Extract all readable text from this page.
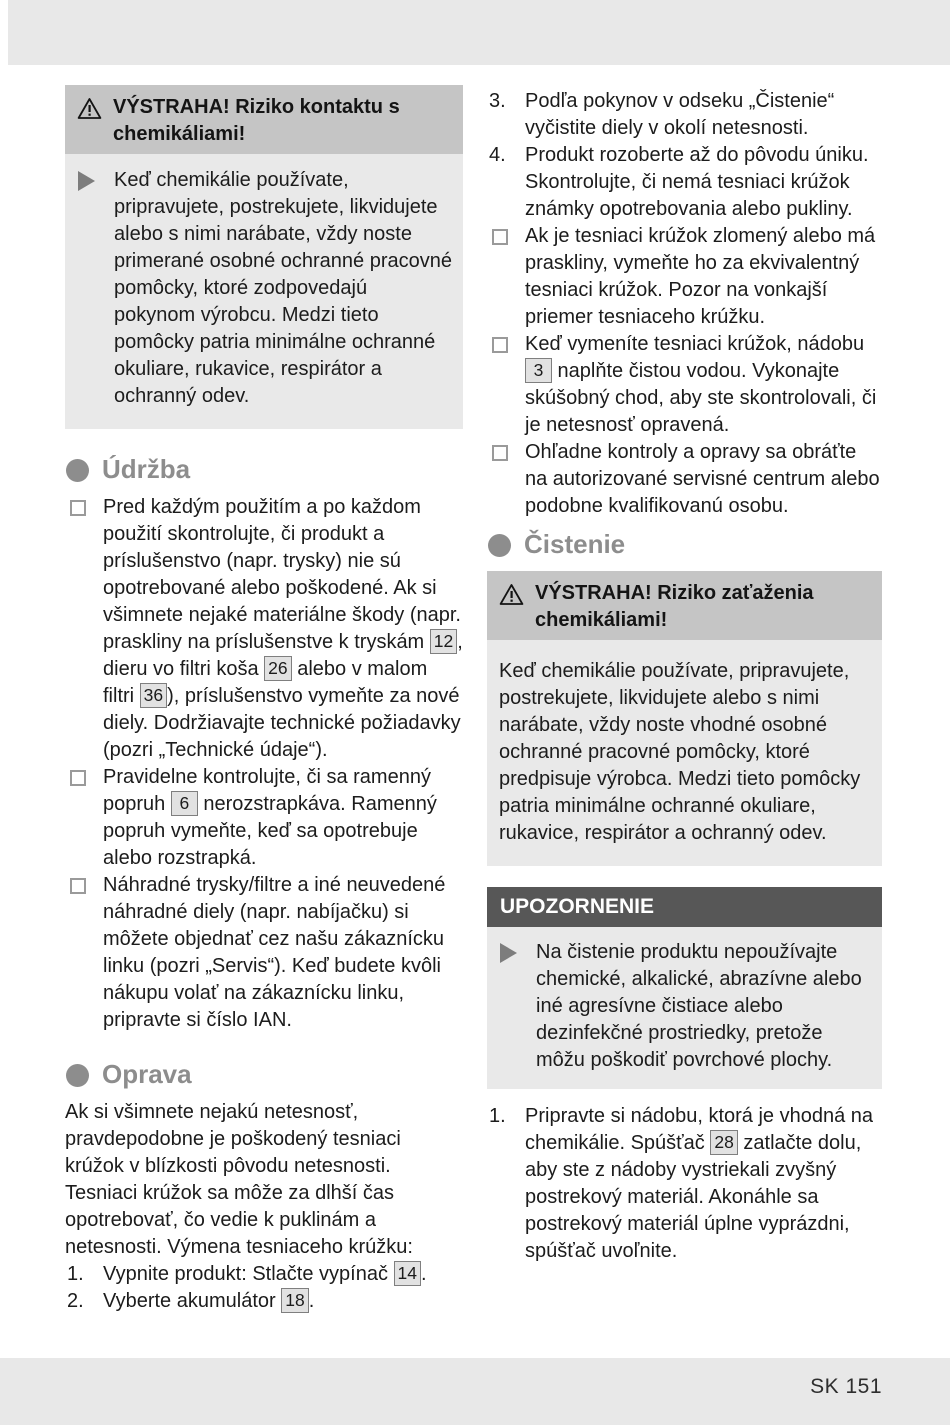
VÝSTRAHA! Riziko kontaktu s chemikáliami!
Keď chemikálie používate, pripravujete, postrekujete, likvidujete alebo s nimi narábate, vždy noste primerané osobné ochranné pracovné pomôcky, ktoré zodpovedajú pokynom výrobcu. Medzi tieto pomôcky patria minimálne ochranné okuliare, rukavice, respirátor a ochranný odev.
Údržba
Pred každým použitím a po každom použití skontrolujte, či produkt a príslušenstvo (napr. trysky) nie sú opotrebované alebo poškodené. Ak si všimnete nejaké materiálne škody (napr. praskliny na príslušenstve k tryskám 12 , dieru vo filtri koša 26 alebo v malom filtri 36 ), príslušenstvo vymeňte za nové diely. Dodržiavajte technické požiadavky (pozri „Technické údaje“).
Pravidelne kontrolujte, či sa ramenný popruh 6 nerozstrapkáva. Ramenný popruh vymeňte, keď sa opotrebuje alebo rozstrapká.
Náhradné trysky/filtre a iné neuvedené náhradné diely (napr. nabíjačku) si môžete objednať cez našu zákaznícku linku (pozri „Servis“). Keď budete kvôli nákupu volať na zákaznícku linku, pripravte si číslo IAN.
Oprava

Ak si všimnete nejakú netesnosť, pravdepodobne je poškodený tesniaci krúžok v blízkosti pôvodu netesnosti. Tesniaci krúžok sa môže za dlhší čas opotrebovať, čo vedie k puklinám a netesnosti. Výmena tesniaceho krúžku:

1. Vypnite produkt: Stlačte vypínač 14 .
2. Vyberte akumulátor 18 .
3. Podľa pokynov v odseku „Čistenie“ vyčistite diely v okolí netesnosti.
4. Produkt rozoberte až do pôvodu úniku. Skontrolujte, či nemá tesniaci krúžok známky opotrebovania alebo pukliny.
Ak je tesniaci krúžok zlomený alebo má praskliny, vymeňte ho za ekvivalentný tesniaci krúžok. Pozor na vonkajší priemer tesniaceho krúžku.
Keď vymeníte tesniaci krúžok, nádobu 3 naplňte čistou vodou. Vykonajte skúšobný chod, aby ste skontrolovali, či je netesnosť opravená.
Ohľadne kontroly a opravy sa obráťte na autorizované servisné centrum alebo podobne kvalifikovanú osobu.
Čistenie
VÝSTRAHA! Riziko zaťaženia chemikáliami!

Keď chemikálie používate, pripravujete, postrekujete, likvidujete alebo s nimi narábate, vždy noste vhodné osobné ochranné pracovné pomôcky, ktoré predpisuje výrobca. Medzi tieto pomôcky patria minimálne ochranné okuliare, rukavice, respirátor a ochranný odev.

UPOZORNENIE
Na čistenie produktu nepoužívajte chemické, alkalické, abrazívne alebo iné agresívne čistiace alebo dezinfekčné prostriedky, pretože môžu poškodiť povrchové plochy.
1. Pripravte si nádobu, ktorá je vhodná na chemikálie. Spúšťač 28 zatlačte dolu, aby ste z nádoby vystriekali zvyšný postrekový materiál. Akonáhle sa postrekový materiál úplne vyprázdni, spúšťač uvoľnite.
SK 151
